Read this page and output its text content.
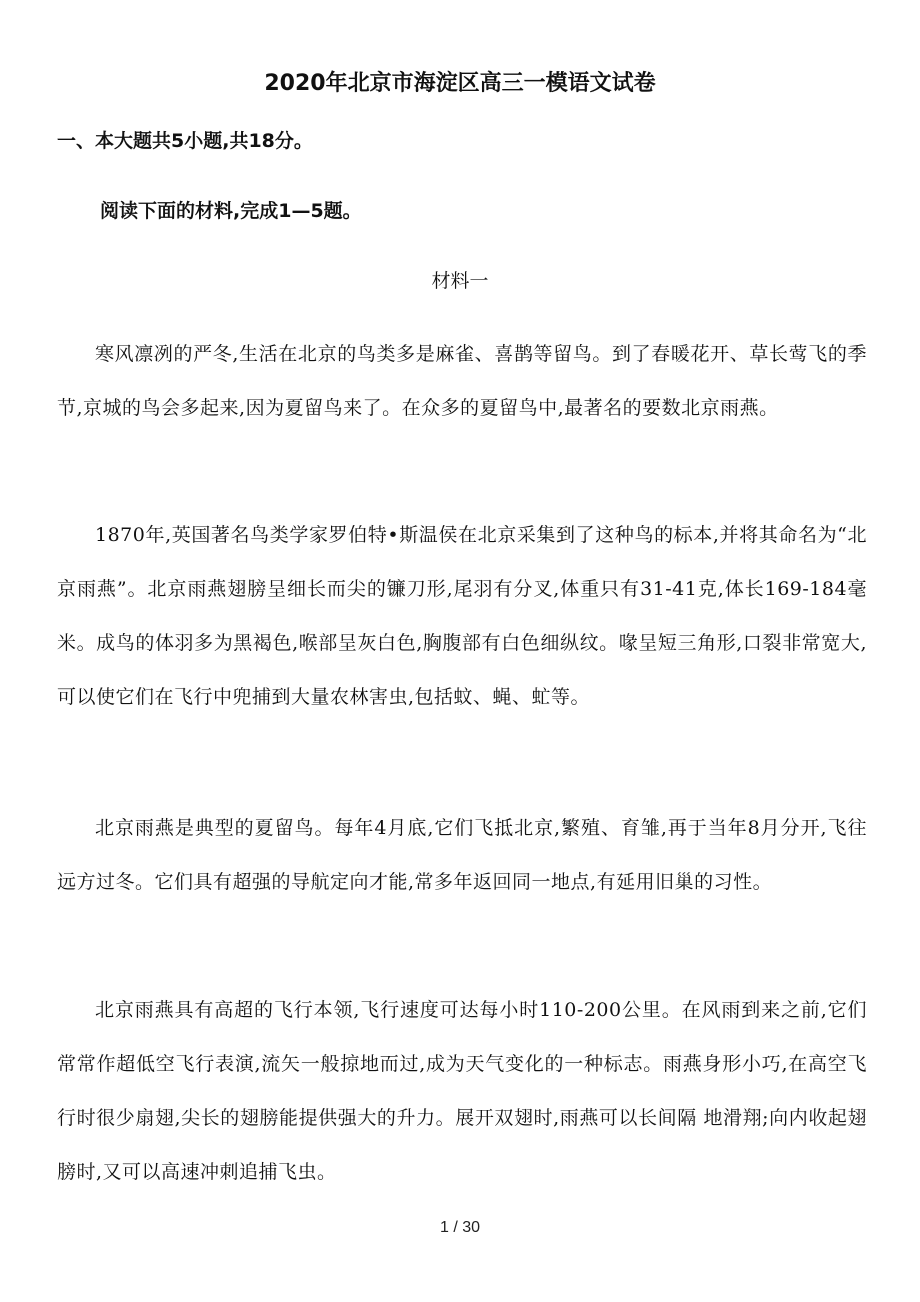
2020年北京市海淀区高三一模语文试卷

一、本大题共5小题,共18分。

阅读下面的材料,完成1—5题。

材料一

寒风凛冽的严冬,生活在北京的鸟类多是麻雀、喜鹊等留鸟。到了春暖花开、草长莺飞的季节,京城的鸟会多起来,因为夏留鸟来了。在众多的夏留鸟中,最著名的要数北京雨燕。

1870年,英国著名鸟类学家罗伯特•斯温侯在北京采集到了这种鸟的标本,并将其命名为“北京雨燕”。北京雨燕翅膀呈细长而尖的镰刀形,尾羽有分叉,体重只有31-41克,体长169-184毫米。成鸟的体羽多为黑褐色,喉部呈灰白色,胸腹部有白色细纵纹。喙呈短三角形,口裂非常宽大,可以使它们在飞行中兜捕到大量农林害虫,包括蚊、蝇、虻等。

北京雨燕是典型的夏留鸟。每年4月底,它们飞抵北京,繁殖、育雏,再于当年8月分开,飞往远方过冬。它们具有超强的导航定向才能,常多年返回同一地点,有延用旧巢的习性。

北京雨燕具有高超的飞行本领,飞行速度可达每小时110-200公里。在风雨到来之前,它们常常作超低空飞行表演,流矢一般掠地而过,成为天气变化的一种标志。雨燕身形小巧,在高空飞行时很少扇翅,尖长的翅膀能提供强大的升力。展开双翅时,雨燕可以长间隔 地滑翔;向内收起翅膀时,又可以高速冲刺追捕飞虫。

1 / 30
